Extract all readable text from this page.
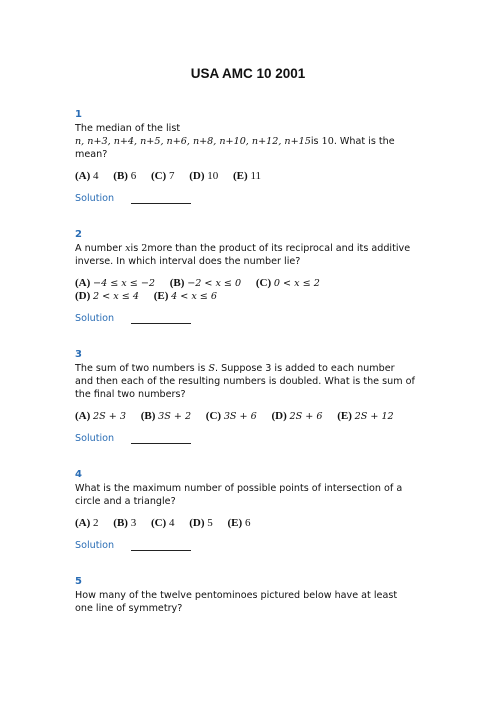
USA AMC 10 2001
1

The median of the list
n, n+3, n+4, n+5, n+6, n+8, n+10, n+12, n+15is 10. What is the
mean?

(A) 4 (B) 6 (C) 7 (D) 10 (E) 11
Solution
2

A number xis 2more than the product of its reciprocal and its additive
inverse. In which interval does the number lie?

(A) −4 ≤ x ≤ −2 (B) −2 < x ≤ 0 (C) 0 < x ≤ 2
(D) 2 < x ≤ 4 (E) 4 < x ≤ 6
Solution
3

The sum of two numbers is S. Suppose 3 is added to each number
and then each of the resulting numbers is doubled. What is the sum of
the final two numbers?

(A) 2S + 3 (B) 3S + 2 (C) 3S + 6 (D) 2S + 6 (E) 2S + 12
Solution
4

What is the maximum number of possible points of intersection of a
circle and a triangle?

(A) 2 (B) 3 (C) 4 (D) 5 (E) 6
Solution
5

How many of the twelve pentominoes pictured below have at least
one line of symmetry?
